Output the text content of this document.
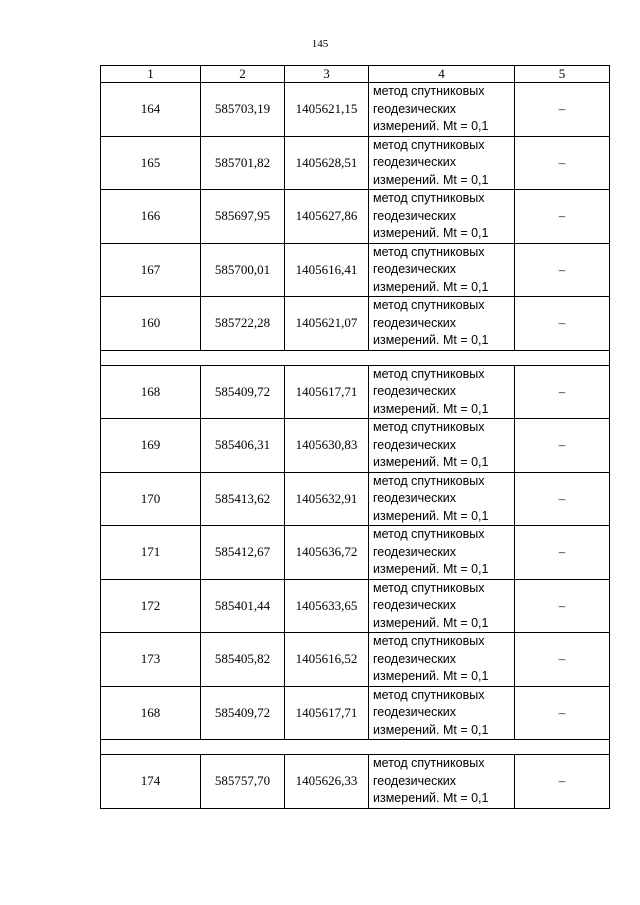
145
1	2	3	4	5
164	585703,19	1405621,15	метод спутниковых
геодезических
измерений. Mt = 0,1	–
165	585701,82	1405628,51	метод спутниковых
геодезических
измерений. Mt = 0,1	–
166	585697,95	1405627,86	метод спутниковых
геодезических
измерений. Mt = 0,1	–
167	585700,01	1405616,41	метод спутниковых
геодезических
измерений. Mt = 0,1	–
160	585722,28	1405621,07	метод спутниковых
геодезических
измерений. Mt = 0,1	–

168	585409,72	1405617,71	метод спутниковых
геодезических
измерений. Mt = 0,1	–
169	585406,31	1405630,83	метод спутниковых
геодезических
измерений. Mt = 0,1	–
170	585413,62	1405632,91	метод спутниковых
геодезических
измерений. Mt = 0,1	–
171	585412,67	1405636,72	метод спутниковых
геодезических
измерений. Mt = 0,1	–
172	585401,44	1405633,65	метод спутниковых
геодезических
измерений. Mt = 0,1	–
173	585405,82	1405616,52	метод спутниковых
геодезических
измерений. Mt = 0,1	–
168	585409,72	1405617,71	метод спутниковых
геодезических
измерений. Mt = 0,1	–

174	585757,70	1405626,33	метод спутниковых
геодезических
измерений. Mt = 0,1	–
